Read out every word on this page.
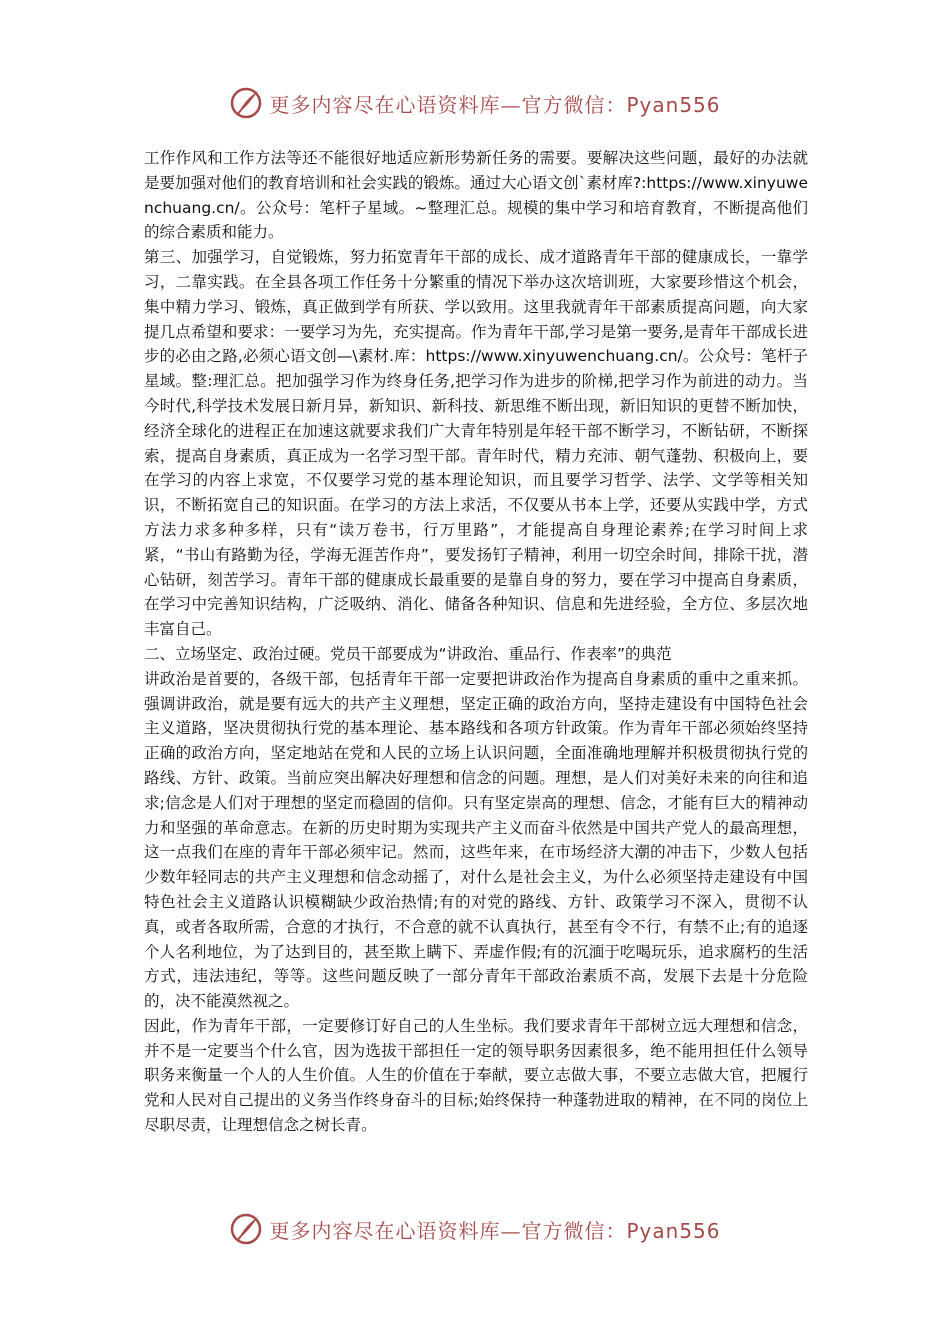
更多内容尽在心语资料库—官方微信：Pyan556

工作作风和工作方法等还不能很好地适应新形势新任务的需要。要解决这些问题，最好的办法就是要加强对他们的教育培训和社会实践的锻炼。通过大心语文创`素材库?:https://www.xinyuwenchuang.cn/。公众号：笔杆子星域。~整理汇总。规模的集中学习和培育教育，不断提高他们的综合素质和能力。

第三、加强学习，自觉锻炼，努力拓宽青年干部的成长、成才道路青年干部的健康成长，一靠学习，二靠实践。在全县各项工作任务十分繁重的情况下举办这次培训班，大家要珍惜这个机会，集中精力学习、锻炼，真正做到学有所获、学以致用。这里我就青年干部素质提高问题，向大家提几点希望和要求：一要学习为先，充实提高。作为青年干部,学习是第一要务,是青年干部成长进步的必由之路,必须心语文创—\素材.库：https://www.xinyuwenchuang.cn/。公众号：笔杆子星域。整:理汇总。把加强学习作为终身任务,把学习作为进步的阶梯,把学习作为前进的动力。当今时代,科学技术发展日新月异，新知识、新科技、新思维不断出现，新旧知识的更替不断加快，经济全球化的进程正在加速这就要求我们广大青年特别是年轻干部不断学习，不断钻研，不断探索，提高自身素质，真正成为一名学习型干部。青年时代，精力充沛、朝气蓬勃、积极向上，要在学习的内容上求宽，不仅要学习党的基本理论知识，而且要学习哲学、法学、文学等相关知识，不断拓宽自己的知识面。在学习的方法上求活，不仅要从书本上学，还要从实践中学，方式方法力求多种多样，只有“读万卷书，行万里路”，才能提高自身理论素养;在学习时间上求紧，“书山有路勤为径，学海无涯苦作舟”，要发扬钉子精神，利用一切空余时间，排除干扰，潜心钻研，刻苦学习。青年干部的健康成长最重要的是靠自身的努力，要在学习中提高自身素质，在学习中完善知识结构，广泛吸纳、消化、储备各种知识、信息和先进经验，全方位、多层次地丰富自己。

二、立场坚定、政治过硬。党员干部要成为“讲政治、重品行、作表率”的典范

讲政治是首要的，各级干部，包括青年干部一定要把讲政治作为提高自身素质的重中之重来抓。强调讲政治，就是要有远大的共产主义理想，坚定正确的政治方向，坚持走建设有中国特色社会主义道路，坚决贯彻执行党的基本理论、基本路线和各项方针政策。作为青年干部必须始终坚持正确的政治方向，坚定地站在党和人民的立场上认识问题，全面准确地理解并积极贯彻执行党的路线、方针、政策。当前应突出解决好理想和信念的问题。理想，是人们对美好未来的向往和追求;信念是人们对于理想的坚定而稳固的信仰。只有坚定崇高的理想、信念，才能有巨大的精神动力和坚强的革命意志。在新的历史时期为实现共产主义而奋斗依然是中国共产党人的最高理想，这一点我们在座的青年干部必须牢记。然而，这些年来，在市场经济大潮的冲击下，少数人包括少数年轻同志的共产主义理想和信念动摇了，对什么是社会主义，为什么必须坚持走建设有中国特色社会主义道路认识模糊缺少政治热情;有的对党的路线、方针、政策学习不深入，贯彻不认真，或者各取所需，合意的才执行，不合意的就不认真执行，甚至有令不行，有禁不止;有的追逐个人名利地位，为了达到目的，甚至欺上瞒下、弄虚作假;有的沉湎于吃喝玩乐，追求腐朽的生活方式，违法违纪，等等。这些问题反映了一部分青年干部政治素质不高，发展下去是十分危险的，决不能漠然视之。

因此，作为青年干部，一定要修订好自己的人生坐标。我们要求青年干部树立远大理想和信念，并不是一定要当个什么官，因为选拔干部担任一定的领导职务因素很多，绝不能用担任什么领导职务来衡量一个人的人生价值。人生的价值在于奉献，要立志做大事，不要立志做大官，把履行党和人民对自己提出的义务当作终身奋斗的目标;始终保持一种蓬勃进取的精神，在不同的岗位上尽职尽责，让理想信念之树长青。

更多内容尽在心语资料库—官方微信：Pyan556
